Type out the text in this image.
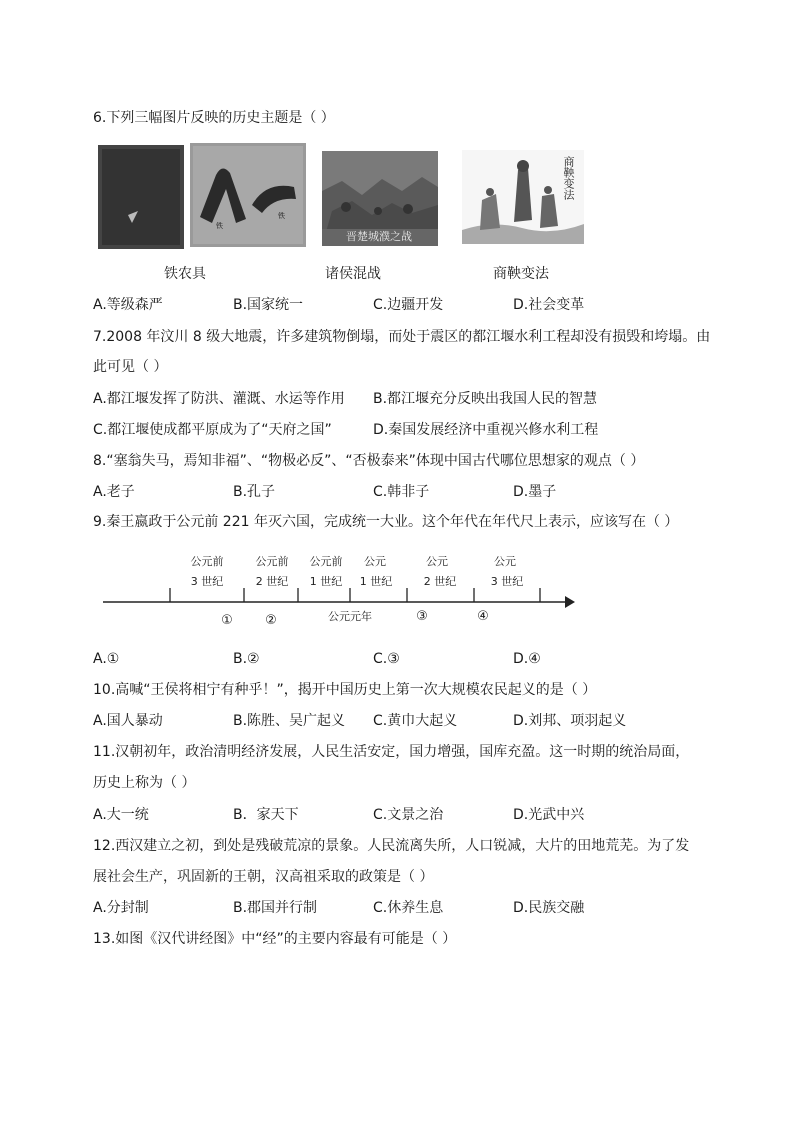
6.下列三幅图片反映的历史主题是（ ）
铁
铁
晋楚城濮之战
商鞅变法
铁农具	诸侯混战	商鞅变法
A.等级森严	B.国家统一	C.边疆开发	D.社会变革
7.2008 年汶川 8 级大地震，许多建筑物倒塌，而处于震区的都江堰水利工程却没有损毁和垮塌。由
此可见（ ）
A.都江堰发挥了防洪、灌溉、水运等作用 B.都江堰充分反映出我国人民的智慧
C.都江堰使成都平原成为了“天府之国”	D.秦国发展经济中重视兴修水利工程
8.“塞翁失马，焉知非福”、“物极必反”、“否极泰来”体现中国古代哪位思想家的观点（ ）
A.老子	B.孔子	C.韩非子	D.墨子
9.秦王嬴政于公元前 221 年灭六国，完成统一大业。这个年代在年代尺上表示，应该写在（ ）
公元前
3 世纪
公元前
2 世纪
公元前
1 世纪
公元
1 世纪
公元
2 世纪
公元
3 世纪
① ②	公元元年	③	④
A.①	B.②	C.③	D.④
10.高喊“王侯将相宁有种乎！”，揭开中国历史上第一次大规模农民起义的是（ ）
A.国人暴动	B.陈胜、吴广起义 C.黄巾大起义	D.刘邦、项羽起义
11.汉朝初年，政治清明经济发展，人民生活安定，国力增强，国库充盈。这一时期的统治局面，
历史上称为（ ）
A.大一统	B．家天下	C.文景之治	D.光武中兴
12.西汉建立之初，到处是残破荒凉的景象。人民流离失所，人口锐减，大片的田地荒芜。为了发
展社会生产，巩固新的王朝，汉高祖采取的政策是（ ）
A.分封制	B.郡国并行制	C.休养生息	D.民族交融
13.如图《汉代讲经图》中“经”的主要内容最有可能是（ ）
